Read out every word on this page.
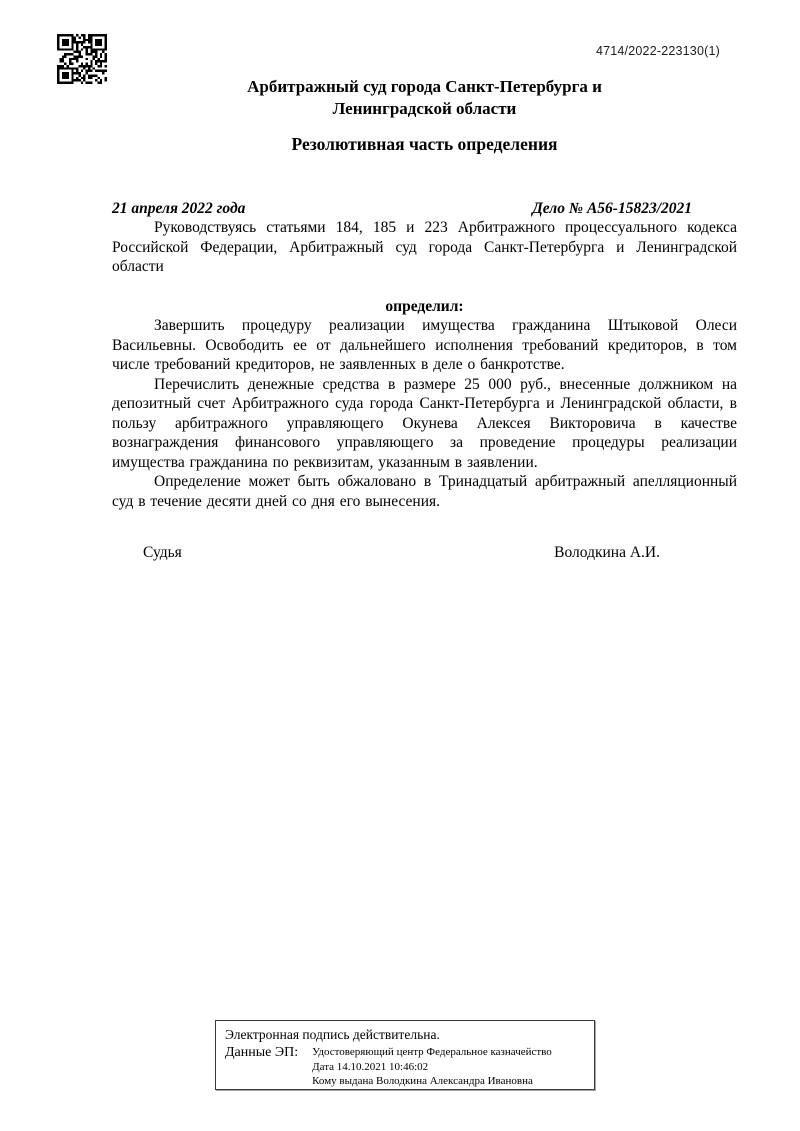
4714/2022-223130(1)
Арбитражный суд города Санкт-Петербурга и Ленинградской области
Резолютивная часть определения
21 апреля 2022 года	Дело № А56-15823/2021

Руководствуясь статьями 184, 185 и 223 Арбитражного процессуального кодекса Российской Федерации, Арбитражный суд города Санкт-Петербурга и Ленинградской области

определил:

Завершить процедуру реализации имущества гражданина Штыковой Олеси Васильевны. Освободить ее от дальнейшего исполнения требований кредиторов, в том числе требований кредиторов, не заявленных в деле о банкротстве.

Перечислить денежные средства в размере 25 000 руб., внесенные должником на депозитный счет Арбитражного суда города Санкт-Петербурга и Ленинградской области, в пользу арбитражного управляющего Окунева Алексея Викторовича в качестве вознаграждения финансового управляющего за проведение процедуры реализации имущества гражданина по реквизитам, указанным в заявлении.

Определение может быть обжаловано в Тринадцатый арбитражный апелляционный суд в течение десяти дней со дня его вынесения.

Судья	Володкина А.И.
Электронная подпись действительна.
Данные ЭП: Удостоверяющий центр Федеральное казначейство
Дата 14.10.2021 10:46:02
Кому выдана Володкина Александра Ивановна
